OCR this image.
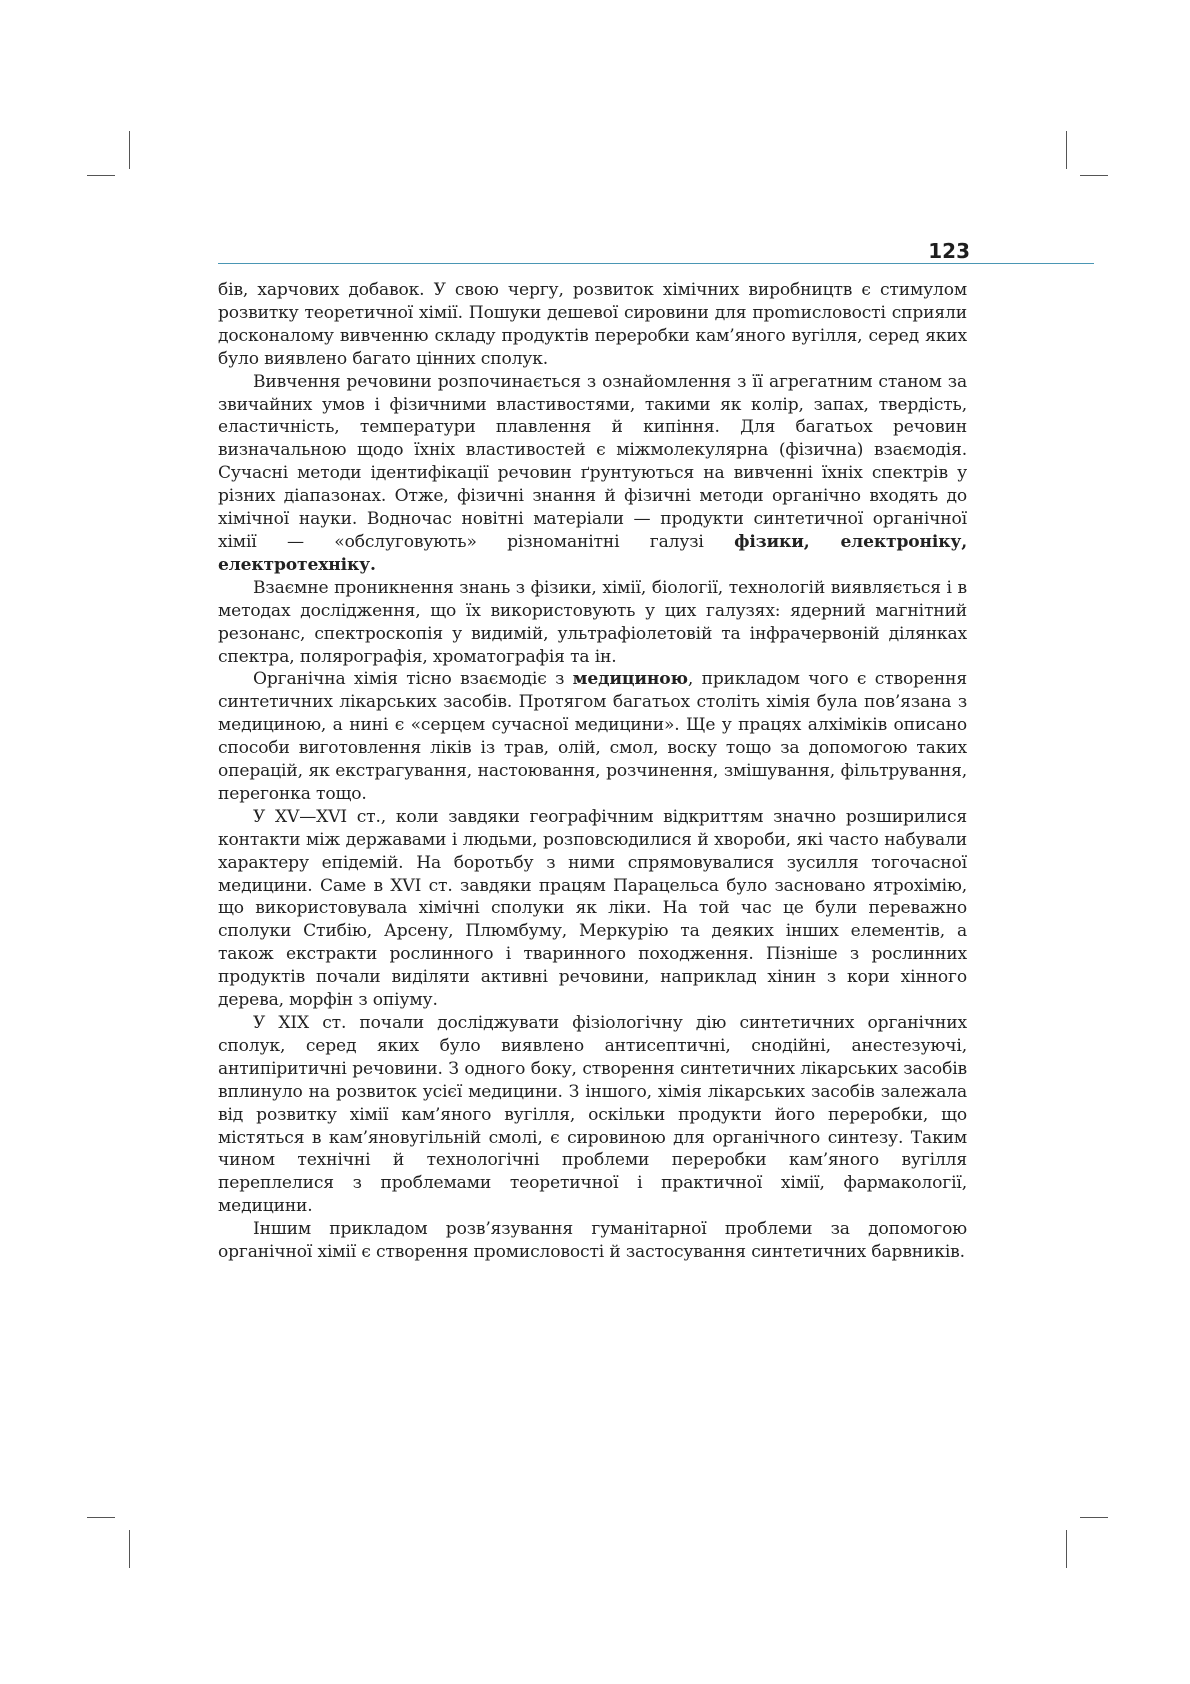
123

бів, харчових добавок. У свою чергу, розвиток хімічних виробництв є стимулом розвитку теоретичної хімії. Пошуки дешевої сировини для проmисловості сприяли досконалому вивченню складу продуктів переробки кам’яного вугілля, серед яких було виявлено багато цінних сполук.

Вивчення речовини розпочинається з ознайомлення з її агрегатним станом за звичайних умов і фізичними властивостями, такими як колір, запах, твердість, еластичність, температури плавлення й кипіння. Для багатьох речовин визначальною щодо їхніх властивостей є міжмолекулярна (фізична) взаємодія. Сучасні методи ідентифікації речовин ґрунтуються на вивченні їхніх спектрів у різних діапазонах. Отже, фізичні знання й фізичні методи органічно входять до хімічної науки. Водночас новітні матеріали — продукти синтетичної органічної хімії — «обслуговують» різноманітні галузі фізики, електроніку, електротехніку.

Взаємне проникнення знань з фізики, хімії, біології, технологій виявляється і в методах дослідження, що їх використовують у цих галузях: ядерний магнітний резонанс, спектроскопія у видимій, ультрафіолетовій та інфрачервоній ділянках спектра, полярографія, хроматографія та ін.

Органічна хімія тісно взаємодіє з медициною, прикладом чого є створення синтетичних лікарських засобів. Протягом багатьох століть хімія була пов’язана з медициною, а нині є «серцем сучасної медицини». Ще у працях алхіміків описано способи виготовлення ліків із трав, олій, смол, воску тощо за допомогою таких операцій, як екстрагування, настоювання, розчинення, змішування, фільтрування, перегонка тощо.

У XV—XVI ст., коли завдяки географічним відкриттям значно розширилися контакти між державами і людьми, розповсюдилися й хвороби, які часто набували характеру епідемій. На боротьбу з ними спрямовувалися зусилля тогочасної медицини. Саме в XVI ст. завдяки працям Парацельса було засновано ятрохімію, що використовувала хімічні сполуки як ліки. На той час це були переважно сполуки Стибію, Арсену, Плюмбуму, Меркурію та деяких інших елементів, а також екстракти рослинного і тваринного походження. Пізніше з рослинних продуктів почали виділяти активні речовини, наприклад хінин з кори хінного дерева, морфін з опіуму.

У XIX ст. почали досліджувати фізіологічну дію синтетичних органічних сполук, серед яких було виявлено антисептичні, снодійні, анестезуючі, антипіритичні речовини. З одного боку, створення синтетичних лікарських засобів вплинуло на розвиток усієї медицини. З іншого, хімія лікарських засобів залежала від розвитку хімії кам’яного вугілля, оскільки продукти його переробки, що містяться в кам’яновугільній смолі, є сировиною для органічного синтезу. Таким чином технічні й технологічні проблеми переробки кам’яного вугілля переплелися з проблемами теоретичної і практичної хімії, фармакології, медицини.

Іншим прикладом розв’язування гуманітарної проблеми за допомогою органічної хімії є створення промисловості й застосування синтетичних барвників.
